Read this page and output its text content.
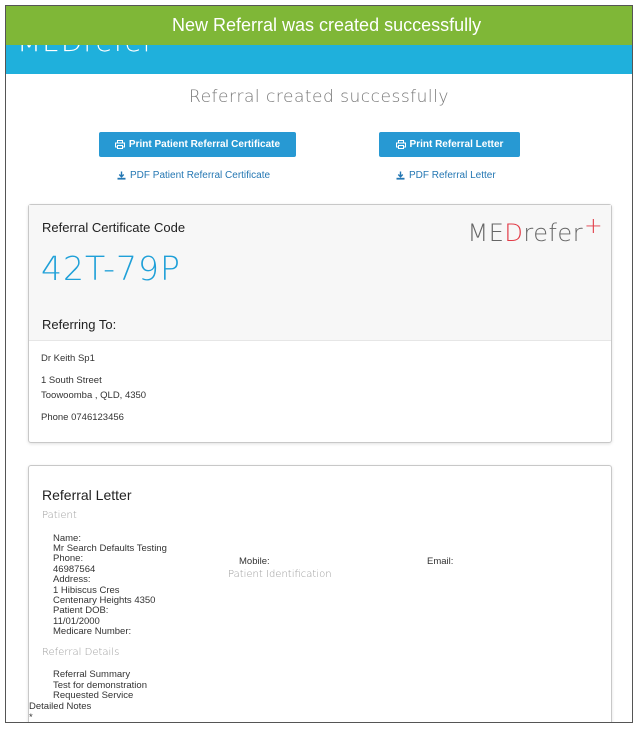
New Referral was created successfully
Referral created successfully
Print Patient Referral Certificate	Print Referral Letter
PDF Patient Referral Certificate	PDF Referral Letter
Referral Certificate Code
42T-79P
MEDrefer+
Referring To:
Dr Keith Sp1
1 South Street
Toowoomba , QLD, 4350
Phone 0746123456
Referral Letter
Patient
Name:
Mr Search Defaults Testing
Phone:
46987564
Address:
1 Hibiscus Cres
Centenary Heights 4350
Patient DOB:
11/01/2000
Medicare Number:
Mobile:
Patient Identification
Email:
Referral Details
Referral Summary
Test for demonstration
Requested Service
Detailed Notes
*
